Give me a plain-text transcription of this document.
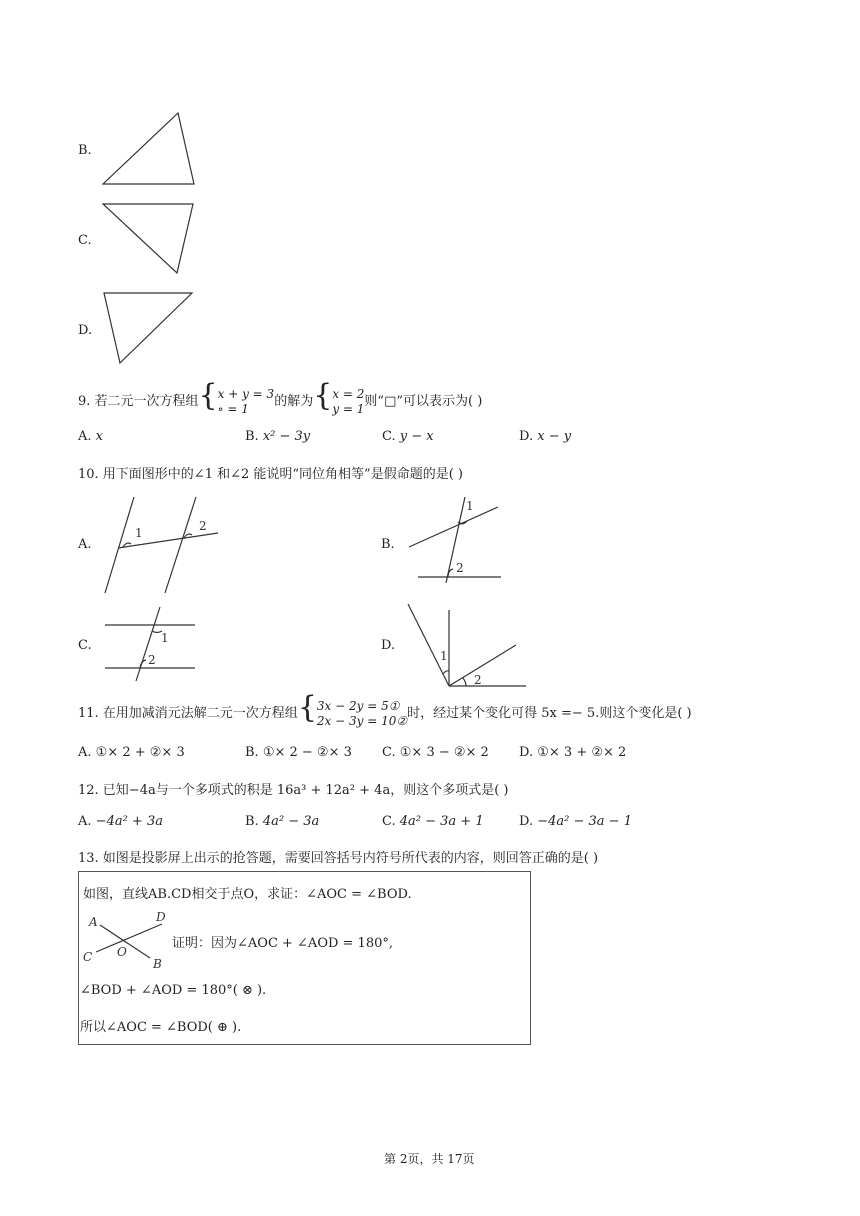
B.
C.
D.
9. 若二元一次方程组{x + y = 3
∘ = 1 的解为{x = 2
y = 1则“□”可以表示为( )
A. x	B. x² − 3y	C. y − x	D. x − y
10. 用下面图形中的∠1 和∠2 能说明“同位角相等”是假命题的是( )
A.
1	2
B.
1
2
C.	1
2
D.
1
2
11. 在用加减消元法解二元一次方程组{3x − 2y = 5①
2x − 3y = 10②时，经过某个变化可得 5x =− 5.则这个变化是( )
A. ①× 2 + ②× 3	B. ①× 2 − ②× 3 C. ①× 3 − ②× 2 D. ①× 3 + ②× 2
12. 已知−4a与一个多项式的积是 16a³ + 12a² + 4a，则这个多项式是( )
A. −4a² + 3a	B. 4a² − 3a	C. 4a² − 3a + 1	D. −4a² − 3a − 1
13. 如图是投影屏上出示的抢答题，需要回答括号内符号所代表的内容，则回答正确的是( )
如图，直线AB.CD相交于点O，求证：∠AOC = ∠BOD.
A	D
C O
B
证明：因为∠AOC + ∠AOD = 180°,
∠BOD + ∠AOD = 180°( ⊗ ).
所以∠AOC = ∠BOD( ⊕ ).
第 2页，共 17页
